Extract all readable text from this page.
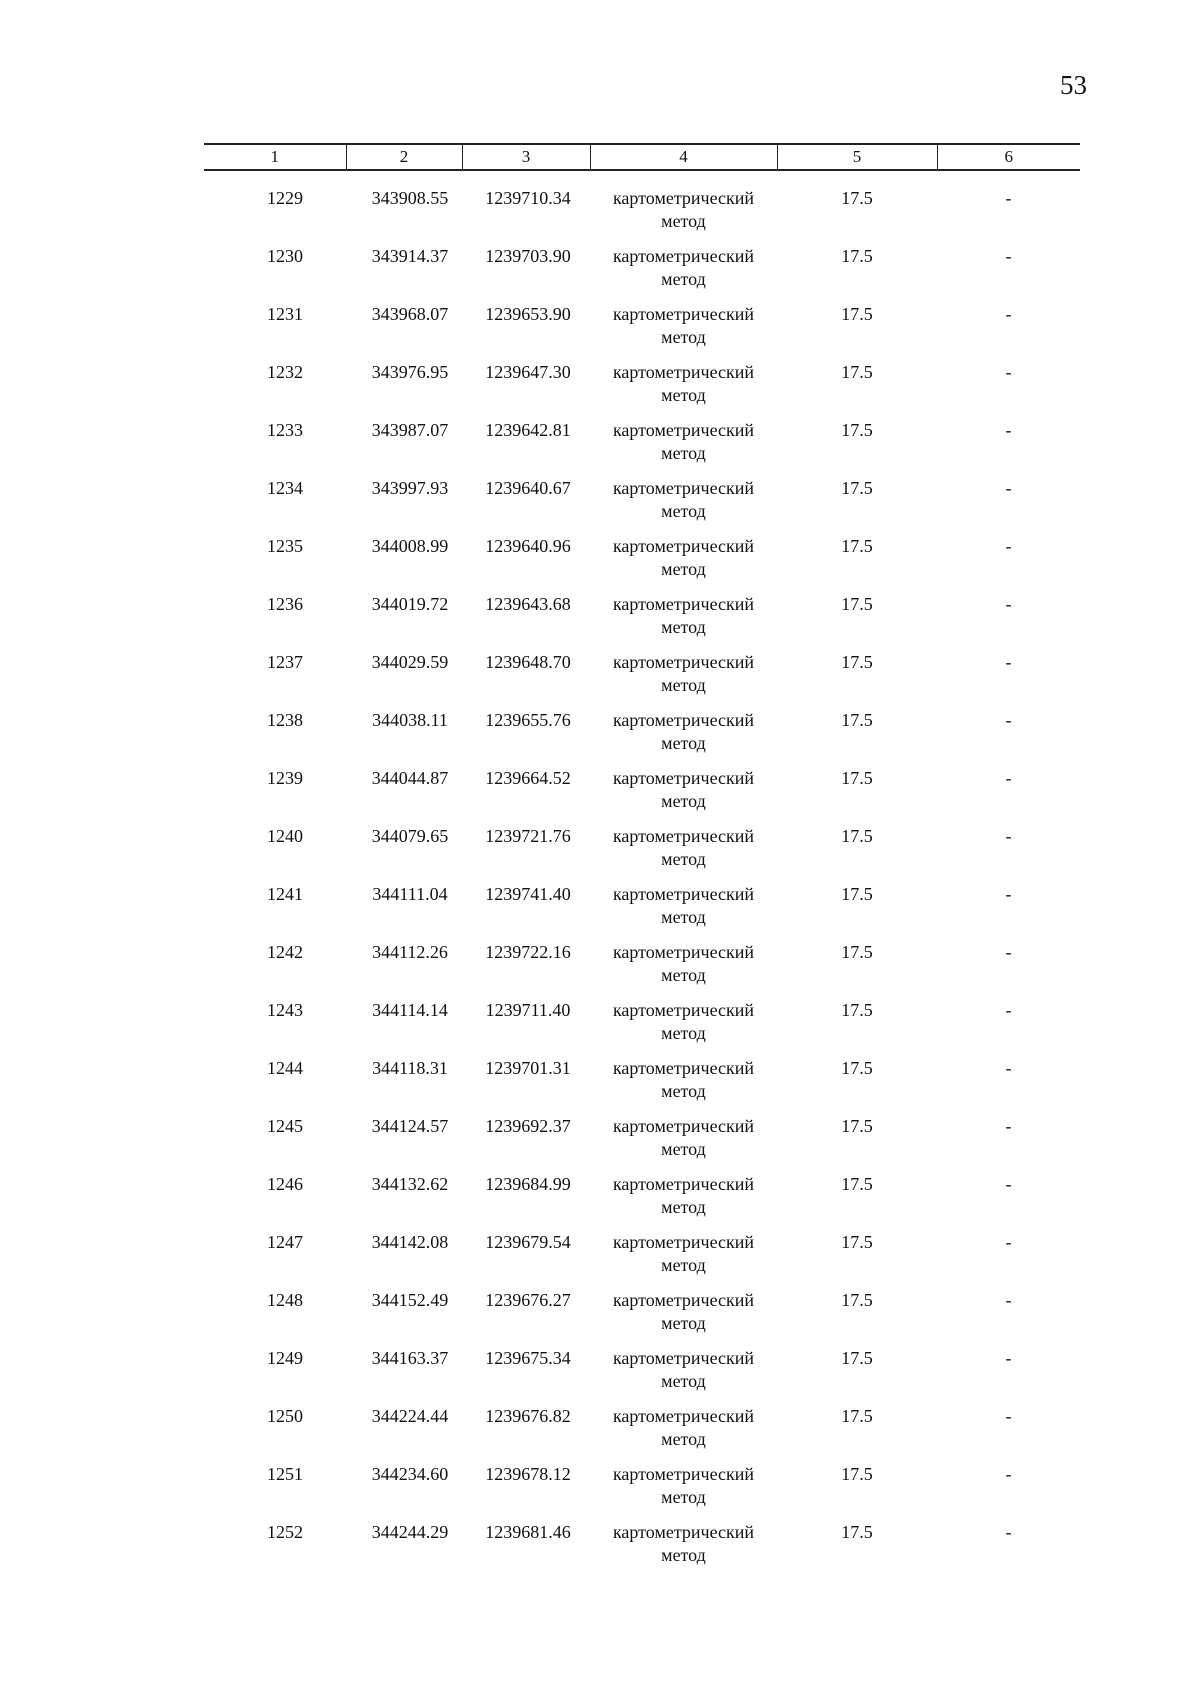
53
1	2	3	4	5	6
1229	343908.55	1239710.34	картометрический
метод	17.5	-
1230	343914.37	1239703.90	картометрический
метод	17.5	-
1231	343968.07	1239653.90	картометрический
метод	17.5	-
1232	343976.95	1239647.30	картометрический
метод	17.5	-
1233	343987.07	1239642.81	картометрический
метод	17.5	-
1234	343997.93	1239640.67	картометрический
метод	17.5	-
1235	344008.99	1239640.96	картометрический
метод	17.5	-
1236	344019.72	1239643.68	картометрический
метод	17.5	-
1237	344029.59	1239648.70	картометрический
метод	17.5	-
1238	344038.11	1239655.76	картометрический
метод	17.5	-
1239	344044.87	1239664.52	картометрический
метод	17.5	-
1240	344079.65	1239721.76	картометрический
метод	17.5	-
1241	344111.04	1239741.40	картометрический
метод	17.5	-
1242	344112.26	1239722.16	картометрический
метод	17.5	-
1243	344114.14	1239711.40	картометрический
метод	17.5	-
1244	344118.31	1239701.31	картометрический
метод	17.5	-
1245	344124.57	1239692.37	картометрический
метод	17.5	-
1246	344132.62	1239684.99	картометрический
метод	17.5	-
1247	344142.08	1239679.54	картометрический
метод	17.5	-
1248	344152.49	1239676.27	картометрический
метод	17.5	-
1249	344163.37	1239675.34	картометрический
метод	17.5	-
1250	344224.44	1239676.82	картометрический
метод	17.5	-
1251	344234.60	1239678.12	картометрический
метод	17.5	-
1252	344244.29	1239681.46	картометрический
метод	17.5	-
